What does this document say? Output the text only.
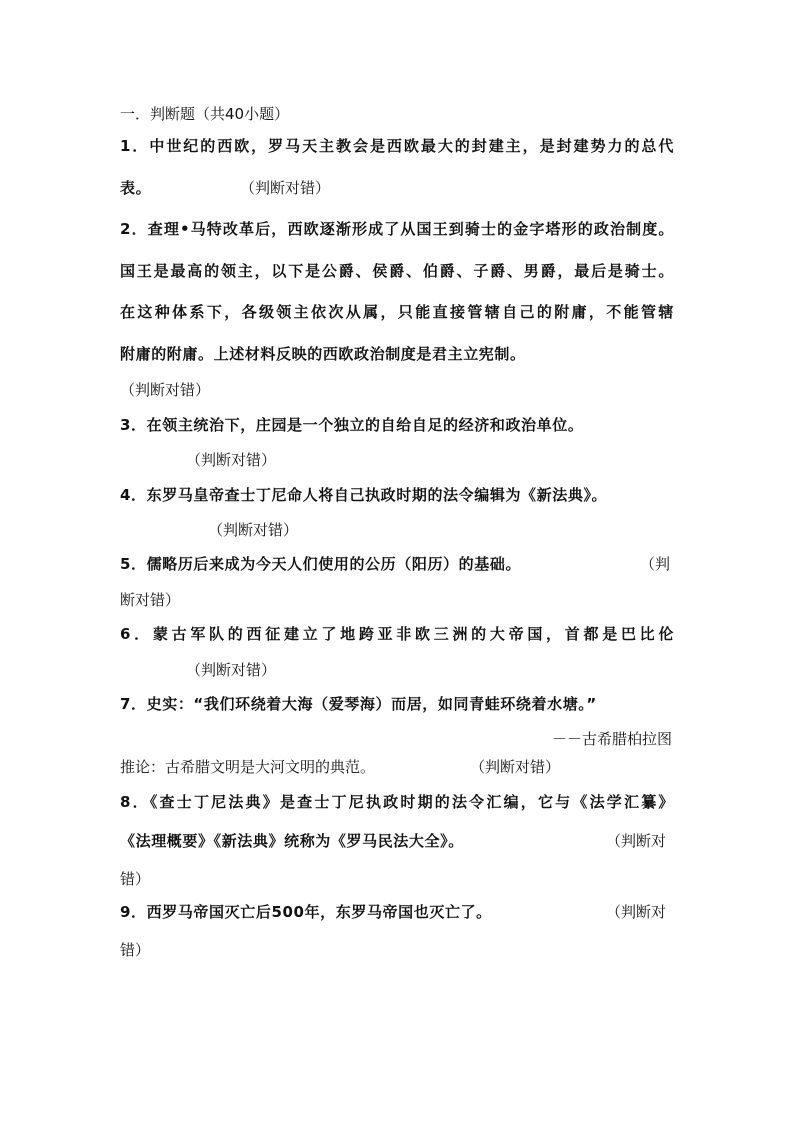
一．判断题（共40小题）
1．中世纪的西欧，罗马天主教会是西欧最大的封建主，是封建势力的总代
表。	（判断对错）
2．查理•马特改革后，西欧逐渐形成了从国王到骑士的金字塔形的政治制度。
国王是最高的领主，以下是公爵、侯爵、伯爵、子爵、男爵，最后是骑士。
在这种体系下，各级领主依次从属，只能直接管辖自己的附庸，不能管辖
附庸的附庸。上述材料反映的西欧政治制度是君主立宪制。
（判断对错）
3．在领主统治下，庄园是一个独立的自给自足的经济和政治单位。
（判断对错）
4．东罗马皇帝查士丁尼命人将自己执政时期的法令编辑为《新法典》。
（判断对错）
5．儒略历后来成为今天人们使用的公历（阳历）的基础。	（判
断对错）
6．蒙古军队的西征建立了地跨亚非欧三洲的大帝国，首都是巴比伦
（判断对错）
7．史实：“我们环绕着大海（爱琴海）而居，如同青蛙环绕着水塘。”
－－古希腊柏拉图
推论：古希腊文明是大河文明的典范。	（判断对错）
8．《查士丁尼法典》是查士丁尼执政时期的法令汇编，它与《法学汇纂》
《法理概要》《新法典》统称为《罗马民法大全》。	（判断对
错）
9．西罗马帝国灭亡后500年，东罗马帝国也灭亡了。	（判断对
错）
